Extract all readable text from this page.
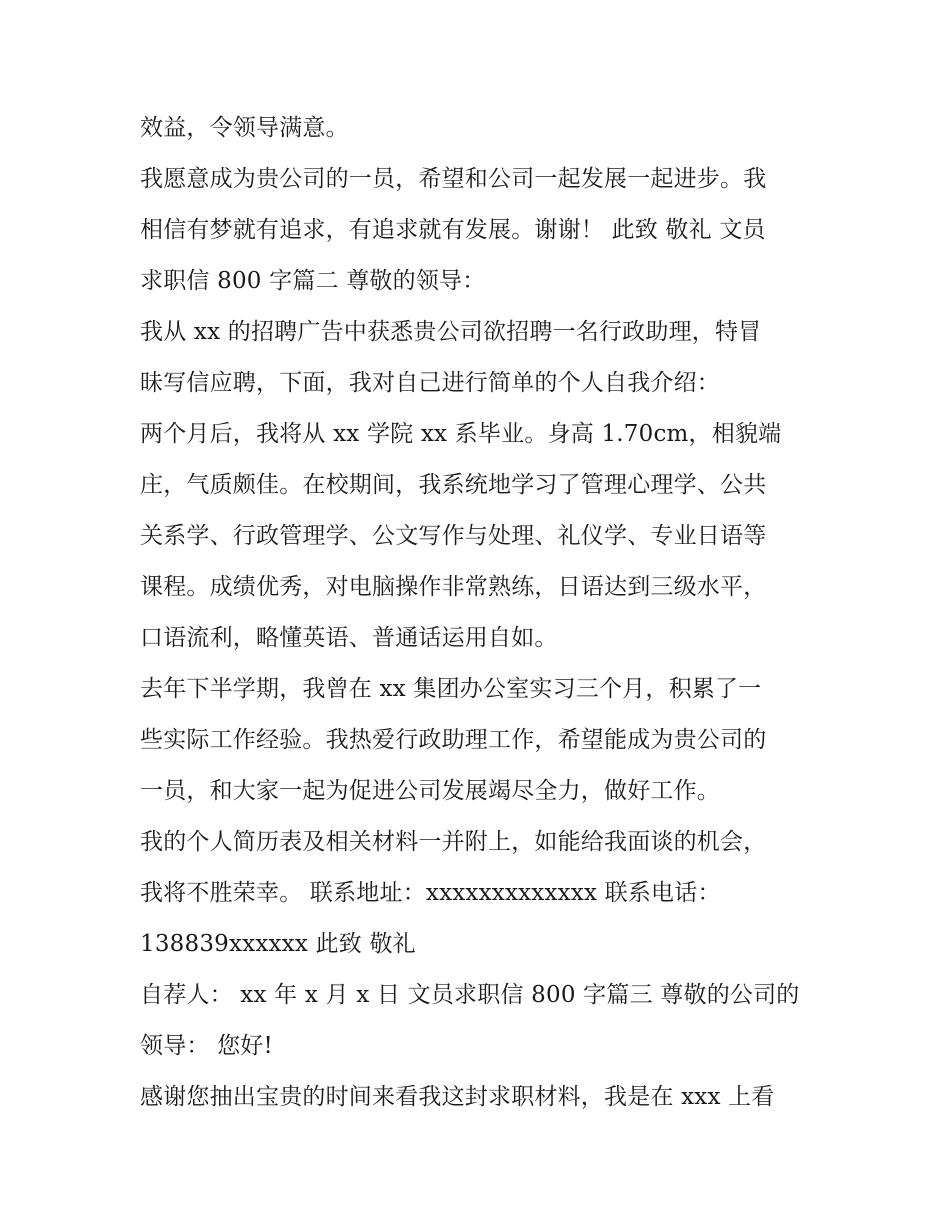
效益，令领导满意。
我愿意成为贵公司的一员，希望和公司一起发展一起进步。我
相信有梦就有追求，有追求就有发展。谢谢！ 此致 敬礼 文员
求职信 800 字篇二 尊敬的领导：
我从 xx 的招聘广告中获悉贵公司欲招聘一名行政助理，特冒
昧写信应聘，下面，我对自己进行简单的个人自我介绍：
两个月后，我将从 xx 学院 xx 系毕业。身高 1.70cm，相貌端
庄，气质颇佳。在校期间，我系统地学习了管理心理学、公共
关系学、行政管理学、公文写作与处理、礼仪学、专业日语等
课程。成绩优秀，对电脑操作非常熟练，日语达到三级水平，
口语流利，略懂英语、普通话运用自如。
去年下半学期，我曾在 xx 集团办公室实习三个月，积累了一
些实际工作经验。我热爱行政助理工作，希望能成为贵公司的
一员，和大家一起为促进公司发展竭尽全力，做好工作。
我的个人简历表及相关材料一并附上，如能给我面谈的机会，
我将不胜荣幸。 联系地址：xxxxxxxxxxxxx 联系电话：
138839xxxxxx 此致 敬礼
自荐人： xx 年 x 月 x 日 文员求职信 800 字篇三 尊敬的公司的
领导： 您好!
感谢您抽出宝贵的时间来看我这封求职材料，我是在 xxx 上看
